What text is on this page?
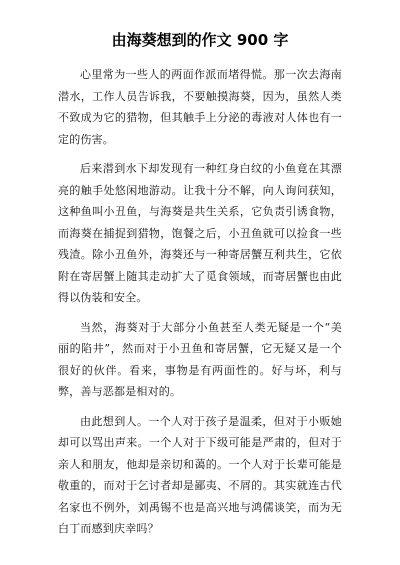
由海葵想到的作文 900 字

心里常为一些人的两面作派而堵得慌。那一次去海南潜水，工作人员告诉我，不要触摸海葵，因为，虽然人类不致成为它的猎物，但其触手上分泌的毒液对人体也有一定的伤害。

后来潜到水下却发现有一种红身白纹的小鱼竟在其漂亮的触手处悠闲地游动。让我十分不解，向人询问获知，这种鱼叫小丑鱼，与海葵是共生关系，它负责引诱食物，而海葵在捕捉到猎物，饱餐之后，小丑鱼就可以捡食一些残渣。除小丑鱼外，海葵还与一种寄居蟹互利共生，它依附在寄居蟹上随其走动扩大了觅食领域，而寄居蟹也由此得以伪装和安全。

当然，海葵对于大部分小鱼甚至人类无疑是一个“美丽的陷井”，然而对于小丑鱼和寄居蟹，它无疑又是一个很好的伙伴。看来，事物是有两面性的。好与坏，利与弊，善与恶都是相对的。

由此想到人。一个人对于孩子是温柔，但对于小贩她却可以骂出声来。一个人对于下级可能是严肃的，但对于亲人和朋友，他却是亲切和蔼的。一个人对于长辈可能是敬重的，而对于乞讨者却是鄙夷、不屑的。其实就连古代名家也不例外，刘禹锡不也是高兴地与鸿儒谈笑，而为无白丁而感到庆幸吗？
